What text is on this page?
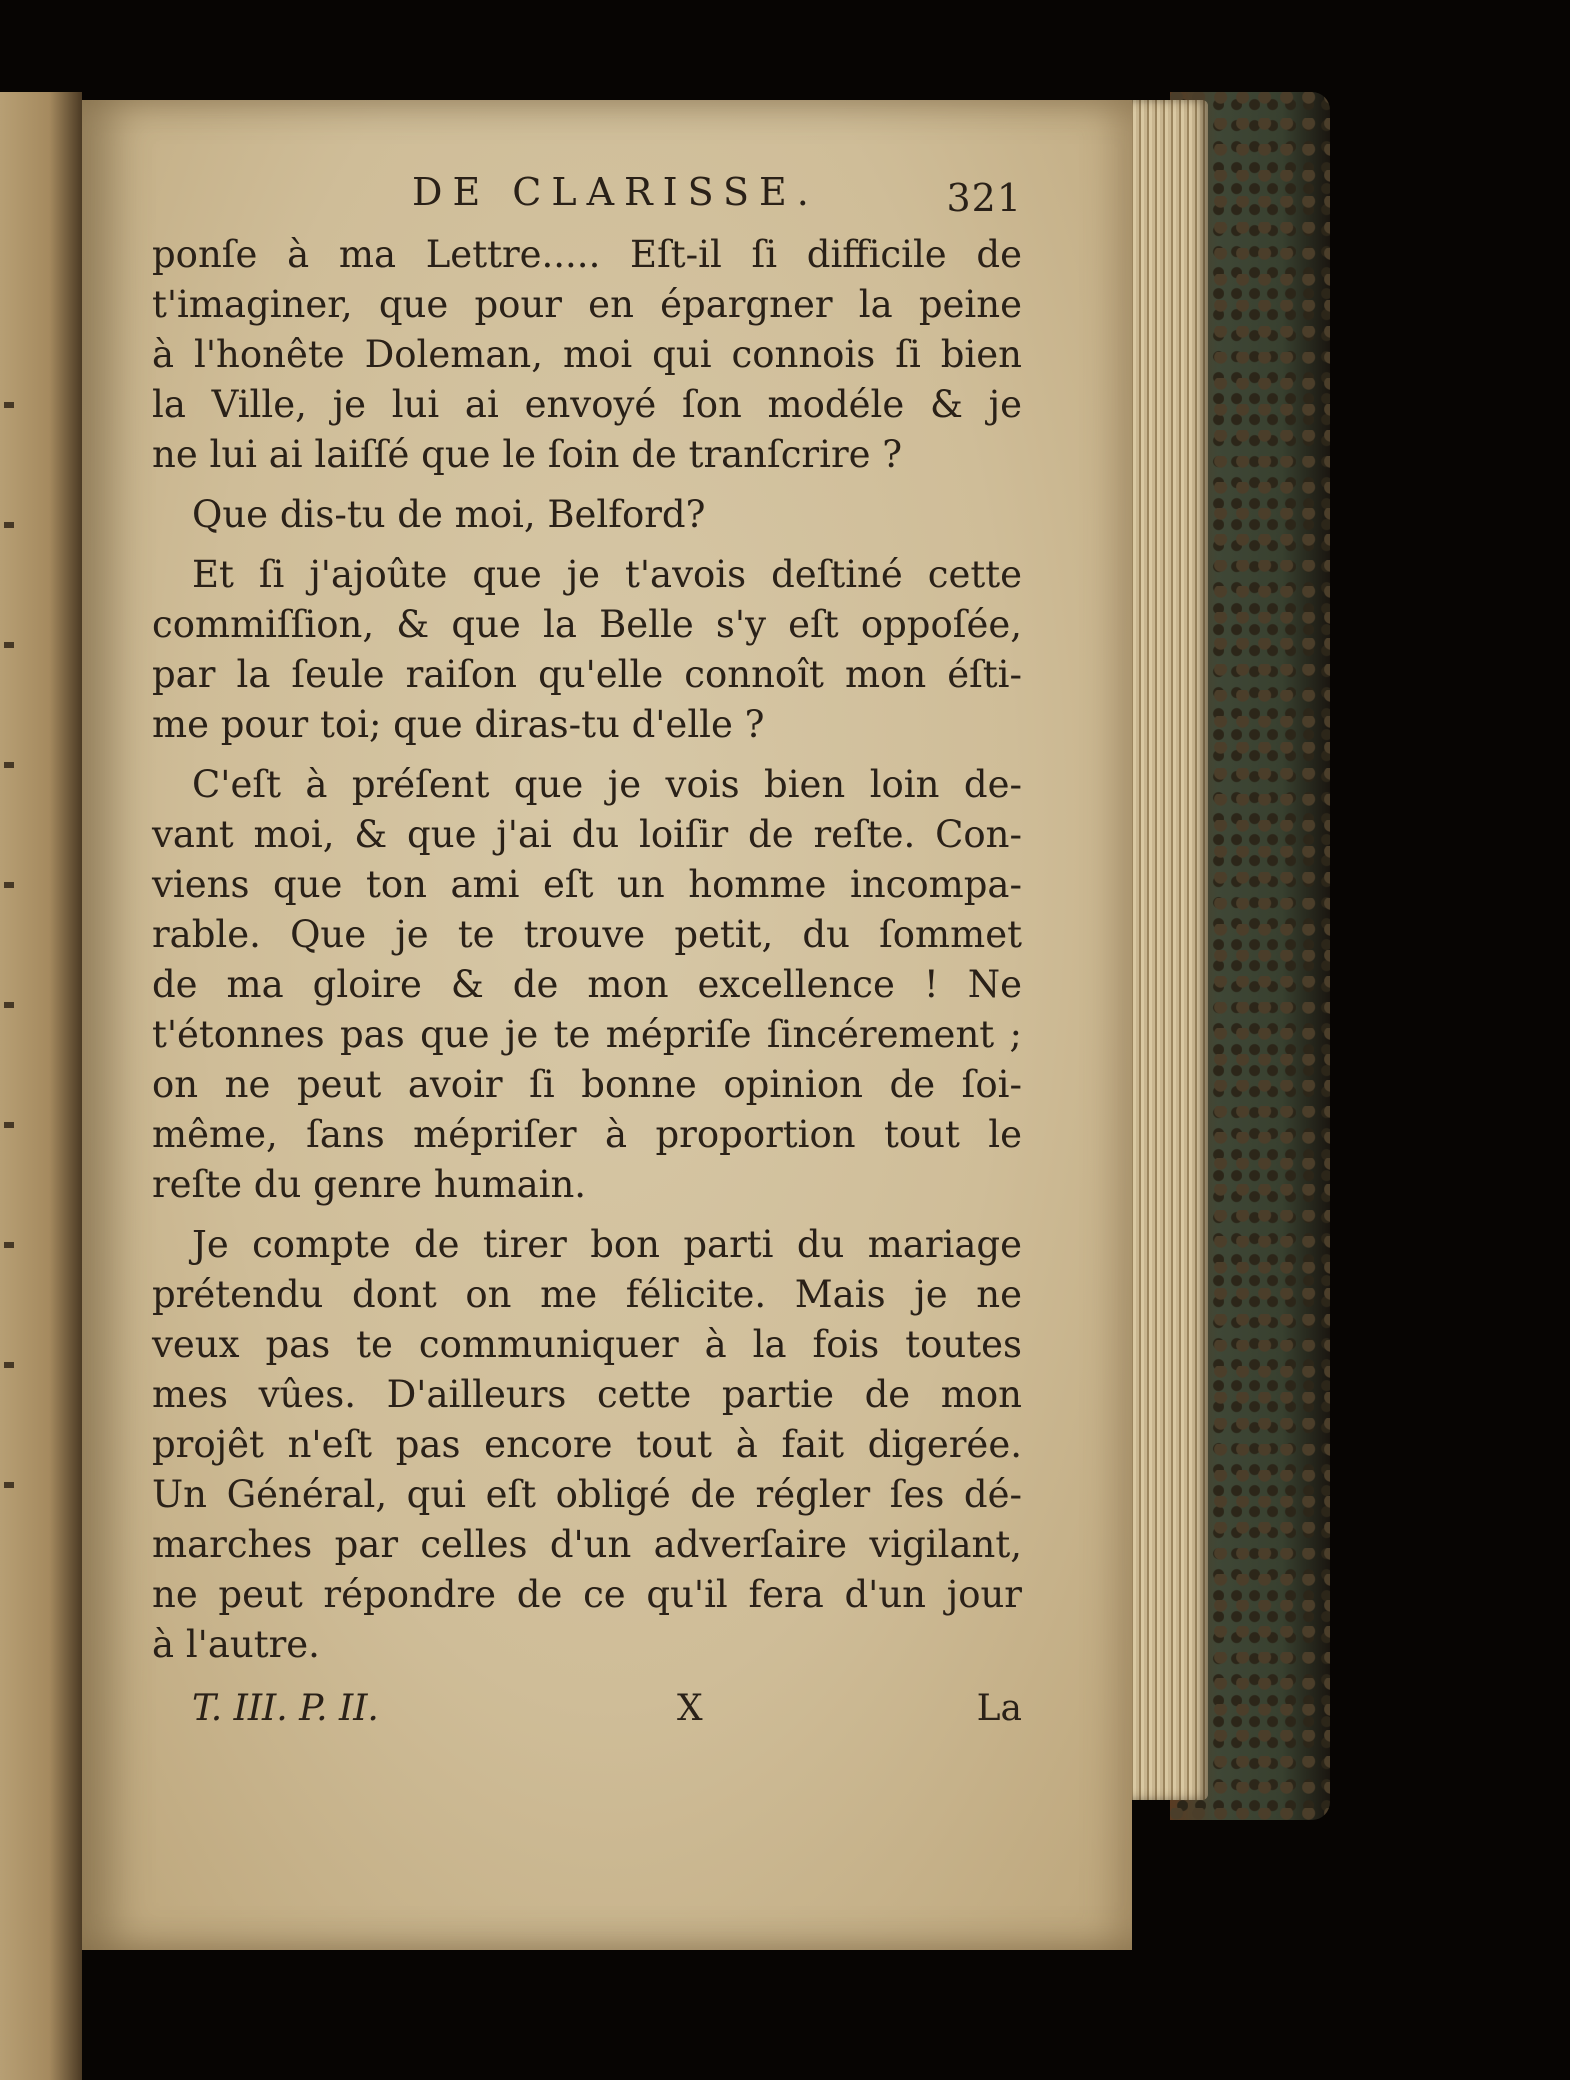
DE CLARISSE.	321
ponſe à ma Lettre..... Eſt-il ſi difficile de
t'imaginer, que pour en épargner la peine
à l'honête Doleman, moi qui connois ſi bien
la Ville, je lui ai envoyé ſon modéle & je
ne lui ai laiſſé que le ſoin de tranſcrire ?
Que dis-tu de moi, Belford?
Et ſi j'ajoûte que je t'avois deſtiné cette
commiſſion, & que la Belle s'y eſt oppoſée,
par la ſeule raiſon qu'elle connoît mon éſti-
me pour toi; que diras-tu d'elle ?
C'eſt à préſent que je vois bien loin de-
vant moi, & que j'ai du loiſir de reſte. Con-
viens que ton ami eſt un homme incompa-
rable. Que je te trouve petit, du ſommet
de ma gloire & de mon excellence ! Ne
t'étonnes pas que je te mépriſe ſincérement ;
on ne peut avoir ſi bonne opinion de ſoi-
même, ſans mépriſer à proportion tout le
reſte du genre humain.
Je compte de tirer bon parti du mariage
prétendu dont on me félicite. Mais je ne
veux pas te communiquer à la fois toutes
mes vûes. D'ailleurs cette partie de mon
projêt n'eſt pas encore tout à fait digerée.
Un Général, qui eſt obligé de régler ſes dé-
marches par celles d'un adverſaire vigilant,
ne peut répondre de ce qu'il fera d'un jour
à l'autre.
T. III. P. II.	X	La
